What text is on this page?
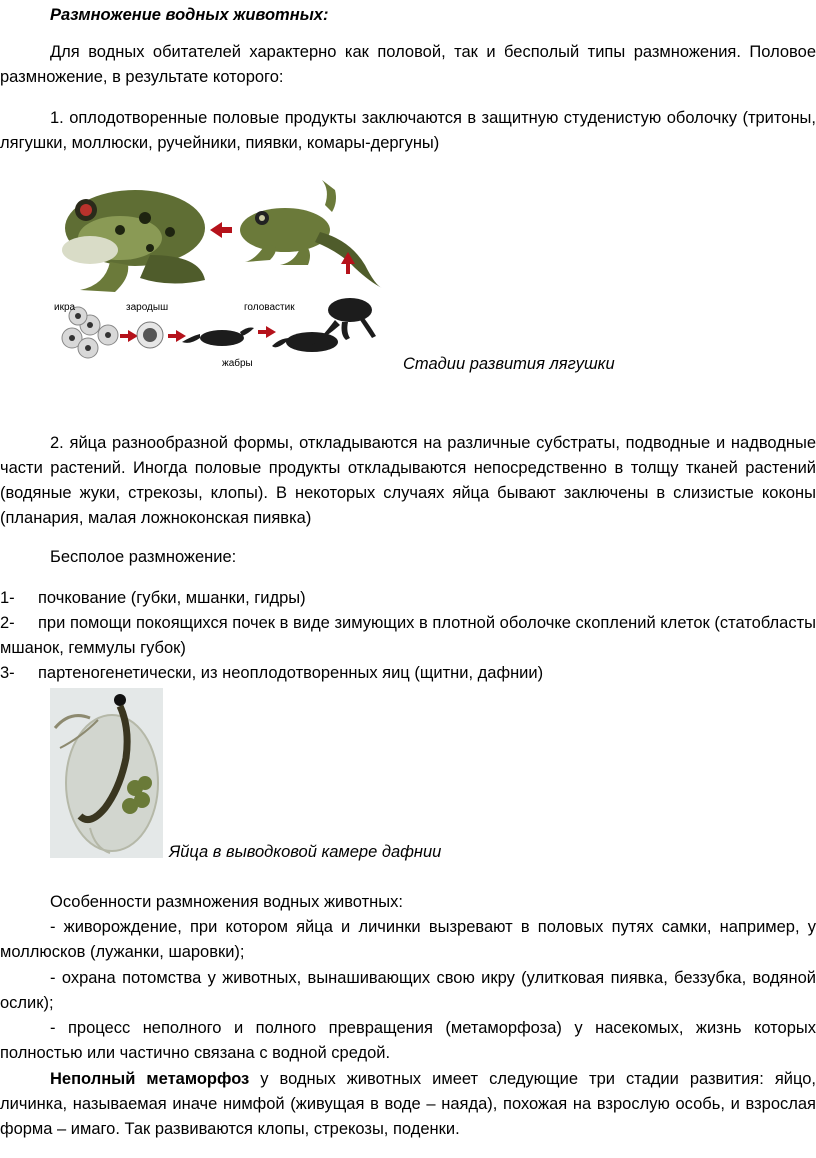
Размножение водных животных:

Для водных обитателей характерно как половой, так и бесполый типы размножения. Половое размножение, в результате которого:

1. оплодотворенные половые продукты заключаются в защитную студенистую оболочку (тритоны, лягушки, моллюски, ручейники, пиявки, комары-дергуны)

икра	зародыш
жабры
головастик

Стадии развития лягушки

2. яйца разнообразной формы, откладываются на различные субстраты, подводные и надводные части растений. Иногда половые продукты откладываются непосредственно в толщу тканей растений (водяные жуки, стрекозы, клопы). В некоторых случаях яйца бывают заключены в слизистые коконы (планария, малая ложноконская пиявка)

Бесполое размножение:

1-	почкование (губки, мшанки, гидры)
2-	при помощи покоящихся почек в виде зимующих в плотной оболочке скоплений клеток (статобласты мшанок, геммулы губок)
3-	партеногенетически, из неоплодотворенных яиц (щитни, дафнии)

Яйца в выводковой камере дафнии

Особенности размножения водных животных:

- живорождение, при котором яйца и личинки вызревают в половых путях самки, например, у моллюсков (лужанки, шаровки);

- охрана потомства у животных, вынашивающих свою икру (улитковая пиявка, беззубка, водяной ослик);

- процесс неполного и полного превращения (метаморфоза) у насекомых, жизнь которых полностью или частично связана с водной средой.

Неполный метаморфоз у водных животных имеет следующие три стадии развития: яйцо, личинка, называемая иначе нимфой (живущая в воде – наяда), похожая на взрослую особь, и взрослая форма – имаго. Так развиваются клопы, стрекозы, поденки.
